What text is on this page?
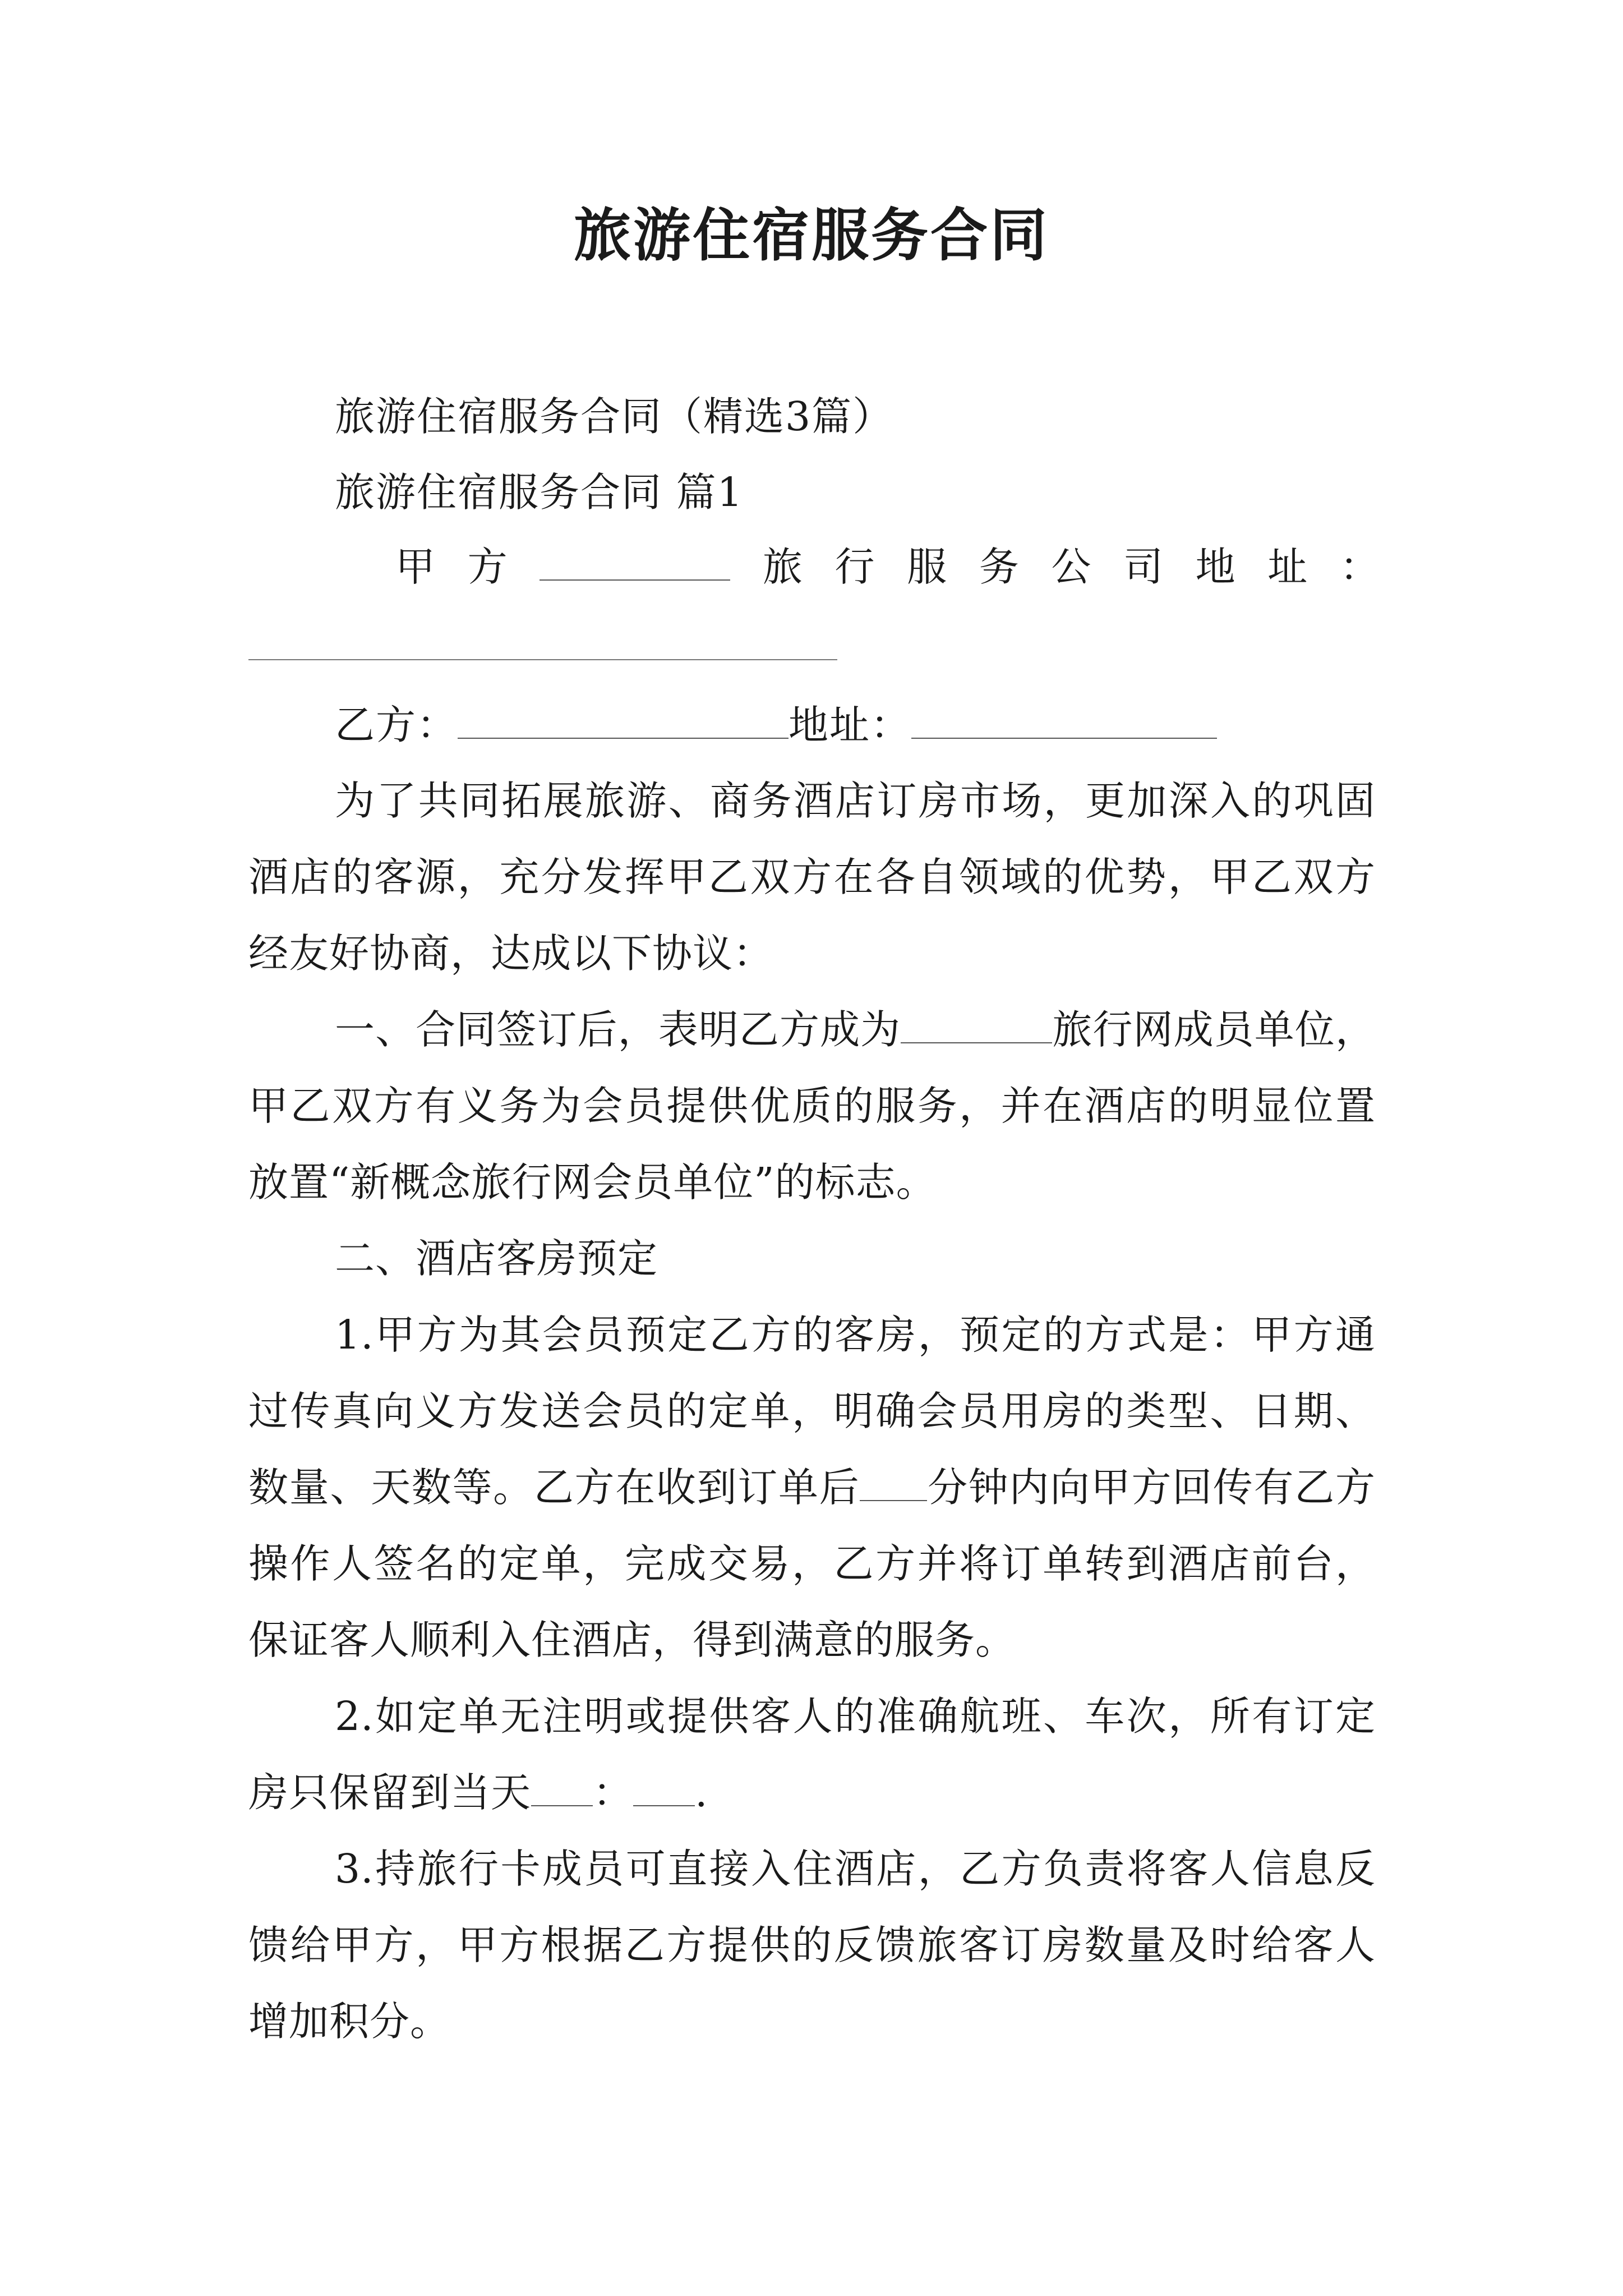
旅游住宿服务合同
旅游住宿服务合同（精选3篇）
旅游住宿服务合同 篇1
甲 方	旅 行 服 务 公 司 地 址 ：
乙方：	地址：
为了共同拓展旅游、商务酒店订房市场，更加深入的巩固酒店的客源，充分发挥甲乙双方在各自领域的优势，甲乙双方经友好协商，达成以下协议：
一、合同签订后，表明乙方成为	旅行网成员单位，甲乙双方有义务为会员提供优质的服务，并在酒店的明显位置放置“新概念旅行网会员单位”的标志。
二、酒店客房预定
1.甲方为其会员预定乙方的客房，预定的方式是：甲方通过传真向义方发送会员的定单，明确会员用房的类型、日期、数量、天数等。乙方在收到订单后 分钟内向甲方回传有乙方操作人签名的定单，完成交易，乙方并将订单转到酒店前台，保证客人顺利入住酒店，得到满意的服务。
2.如定单无注明或提供客人的准确航班、车次，所有订定房只保留到当天 ： .
3.持旅行卡成员可直接入住酒店，乙方负责将客人信息反馈给甲方，甲方根据乙方提供的反馈旅客订房数量及时给客人增加积分。
